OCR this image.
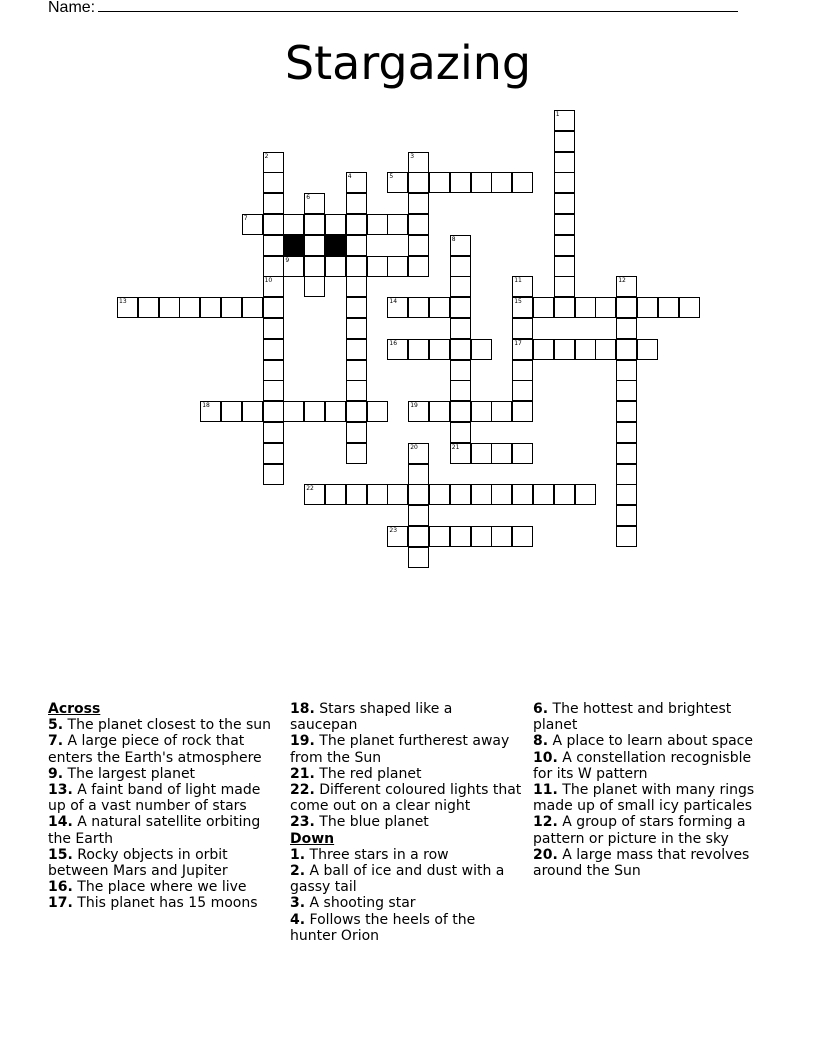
Name:
Stargazing
1
2	3
4	5
6
7
8
9
10	11	12
13	14	15
16	17
18	19
20	21
22
23
Across
5. The planet closest to the sun
7. A large piece of rock that enters the Earth's atmosphere
9. The largest planet
13. A faint band of light made up of a vast number of stars
14. A natural satellite orbiting the Earth
15. Rocky objects in orbit between Mars and Jupiter
16. The place where we live
17. This planet has 15 moons
18. Stars shaped like a saucepan
19. The planet furtherest away from the Sun
21. The red planet
22. Different coloured lights that come out on a clear night
23. The blue planet
Down
1. Three stars in a row
2. A ball of ice and dust with a gassy tail
3. A shooting star
4. Follows the heels of the hunter Orion
6. The hottest and brightest planet
8. A place to learn about space
10. A constellation recognisble for its W pattern
11. The planet with many rings made up of small icy particales
12. A group of stars forming a pattern or picture in the sky
20. A large mass that revolves around the Sun
